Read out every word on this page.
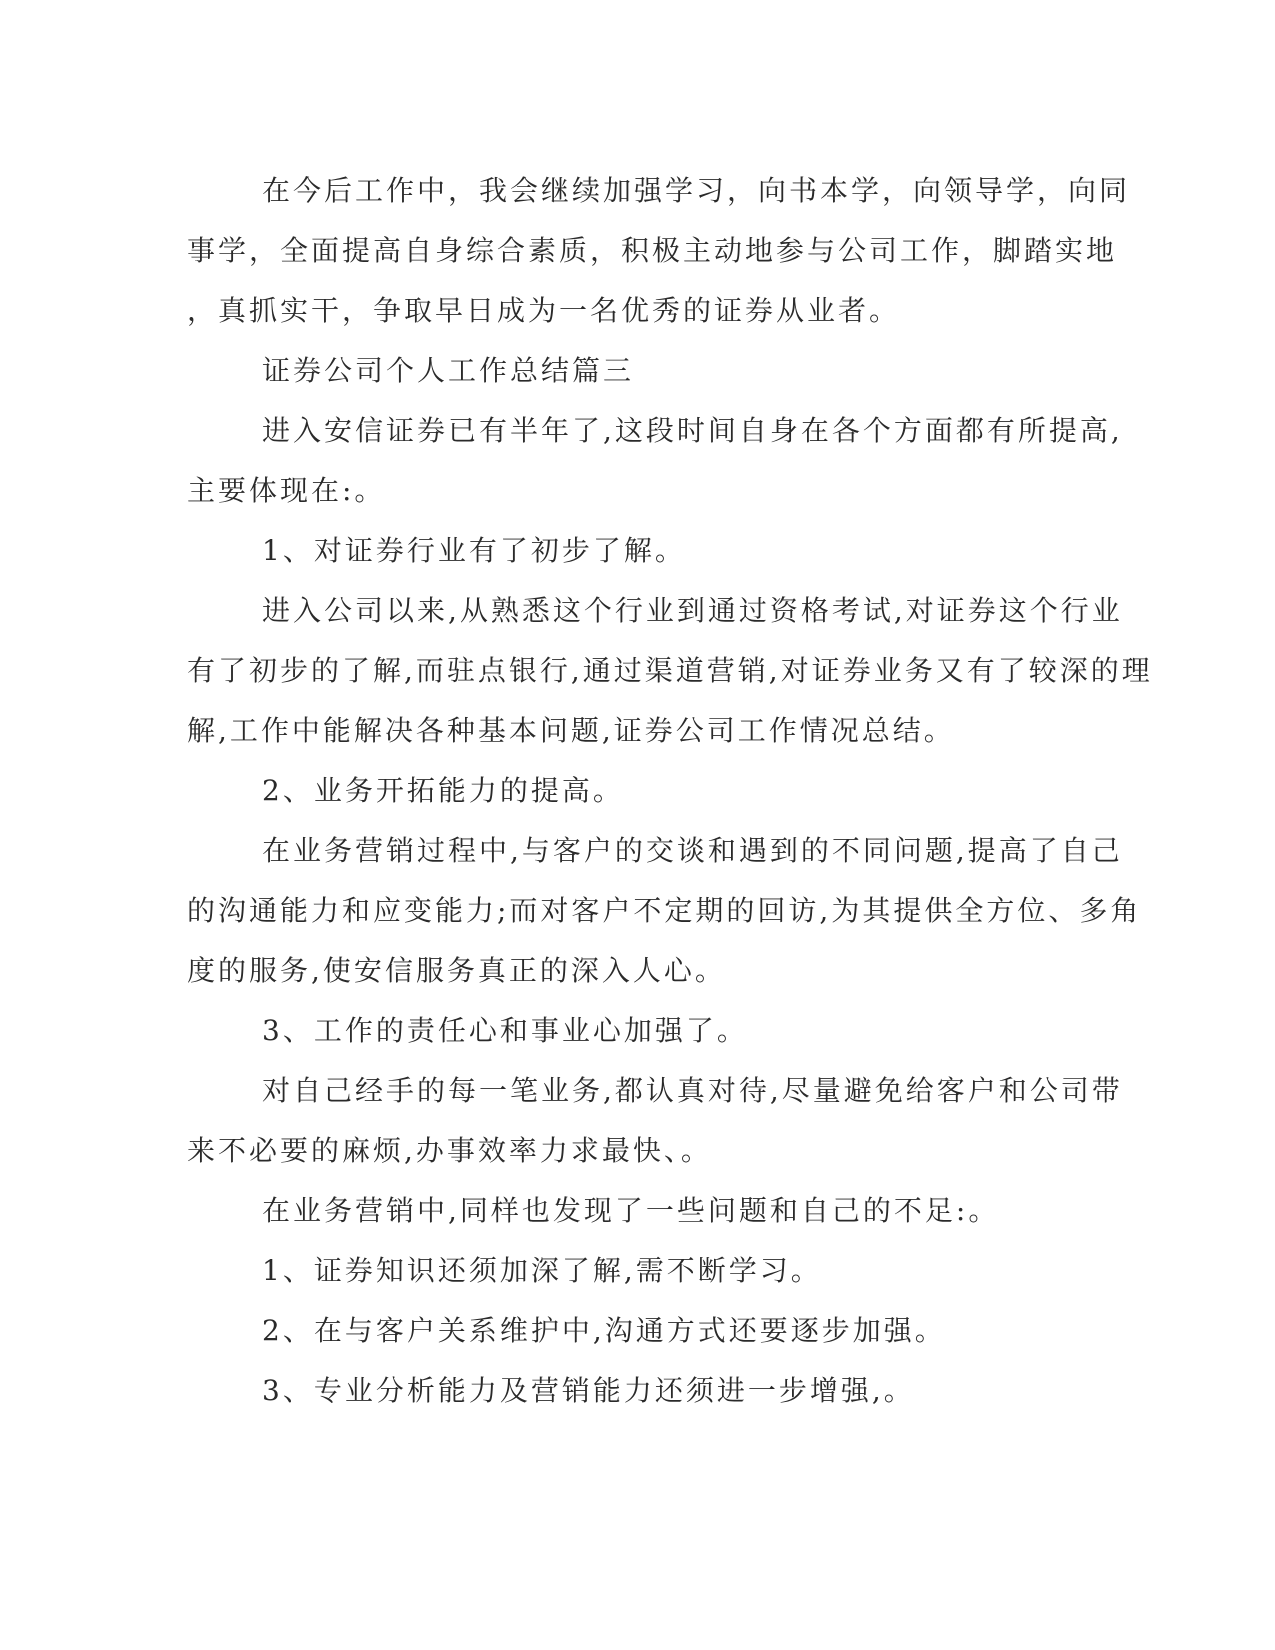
在今后工作中，我会继续加强学习，向书本学，向领导学，向同
事学，全面提高自身综合素质，积极主动地参与公司工作，脚踏实地
，真抓实干，争取早日成为一名优秀的证券从业者。
证券公司个人工作总结篇三
进入安信证券已有半年了,这段时间自身在各个方面都有所提高,
主要体现在:。
1、对证券行业有了初步了解。
进入公司以来,从熟悉这个行业到通过资格考试,对证券这个行业
有了初步的了解,而驻点银行,通过渠道营销,对证券业务又有了较深的理
解,工作中能解决各种基本问题,证券公司工作情况总结。
2、业务开拓能力的提高。
在业务营销过程中,与客户的交谈和遇到的不同问题,提高了自己
的沟通能力和应变能力;而对客户不定期的回访,为其提供全方位、多角
度的服务,使安信服务真正的深入人心。
3、工作的责任心和事业心加强了。
对自己经手的每一笔业务,都认真对待,尽量避免给客户和公司带
来不必要的麻烦,办事效率力求最快、。
在业务营销中,同样也发现了一些问题和自己的不足:。
1、证券知识还须加深了解,需不断学习。
2、在与客户关系维护中,沟通方式还要逐步加强。
3、专业分析能力及营销能力还须进一步增强,。
